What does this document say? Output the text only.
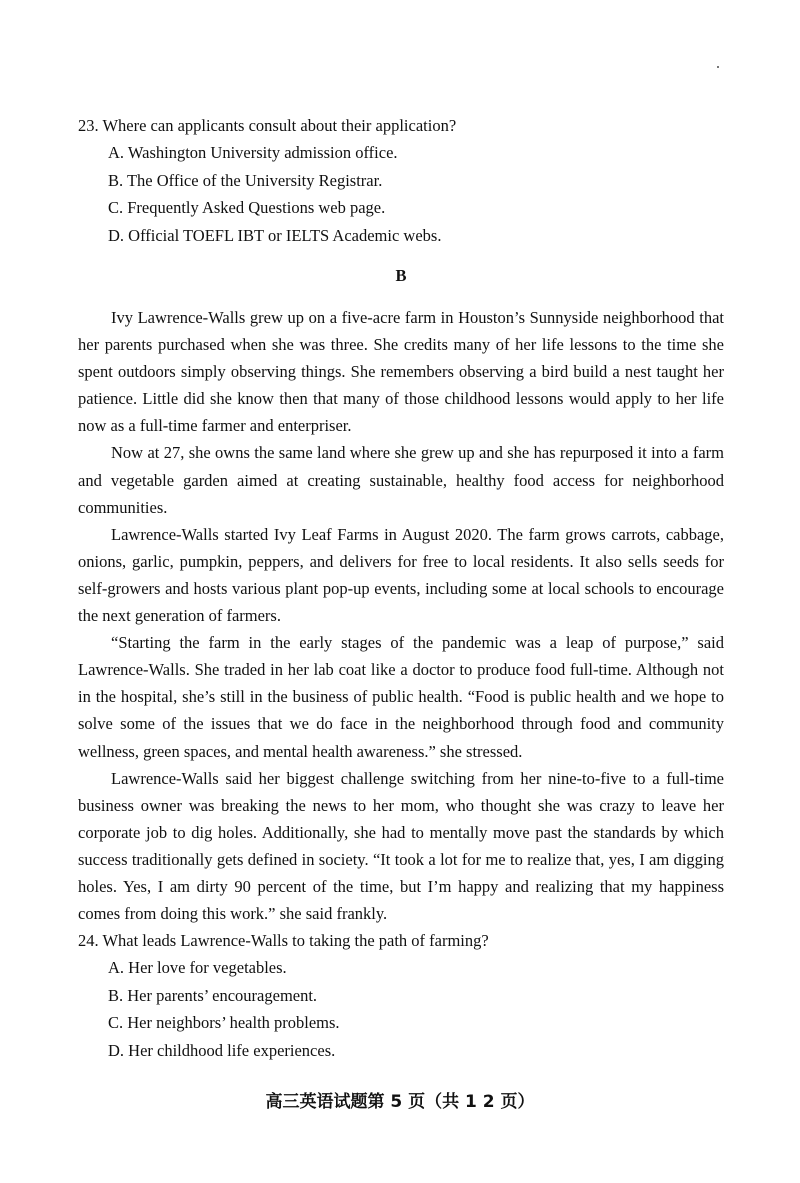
23. Where can applicants consult about their application?

A. Washington University admission office.

B. The Office of the University Registrar.

C. Frequently Asked Questions web page.

D. Official TOEFL IBT or IELTS Academic webs.

B

Ivy Lawrence-Walls grew up on a five-acre farm in Houston’s Sunnyside neighborhood that her parents purchased when she was three. She credits many of her life lessons to the time she spent outdoors simply observing things. She remembers observing a bird build a nest taught her patience. Little did she know then that many of those childhood lessons would apply to her life now as a full-time farmer and enterpriser.

Now at 27, she owns the same land where she grew up and she has repurposed it into a farm and vegetable garden aimed at creating sustainable, healthy food access for neighborhood communities.

Lawrence-Walls started Ivy Leaf Farms in August 2020. The farm grows carrots, cabbage, onions, garlic, pumpkin, peppers, and delivers for free to local residents. It also sells seeds for self-growers and hosts various plant pop-up events, including some at local schools to encourage the next generation of farmers.

“Starting the farm in the early stages of the pandemic was a leap of purpose,” said Lawrence-Walls. She traded in her lab coat like a doctor to produce food full-time. Although not in the hospital, she’s still in the business of public health. “Food is public health and we hope to solve some of the issues that we do face in the neighborhood through food and community wellness, green spaces, and mental health awareness.” she stressed.

Lawrence-Walls said her biggest challenge switching from her nine-to-five to a full-time business owner was breaking the news to her mom, who thought she was crazy to leave her corporate job to dig holes. Additionally, she had to mentally move past the standards by which success traditionally gets defined in society. “It took a lot for me to realize that, yes, I am digging holes. Yes, I am dirty 90 percent of the time, but I’m happy and realizing that my happiness comes from doing this work.” she said frankly.

24. What leads Lawrence-Walls to taking the path of farming?

A. Her love for vegetables.

B. Her parents’ encouragement.

C. Her neighbors’ health problems.

D. Her childhood life experiences.

高三英语试题第 5 页（共 1 2 页）
